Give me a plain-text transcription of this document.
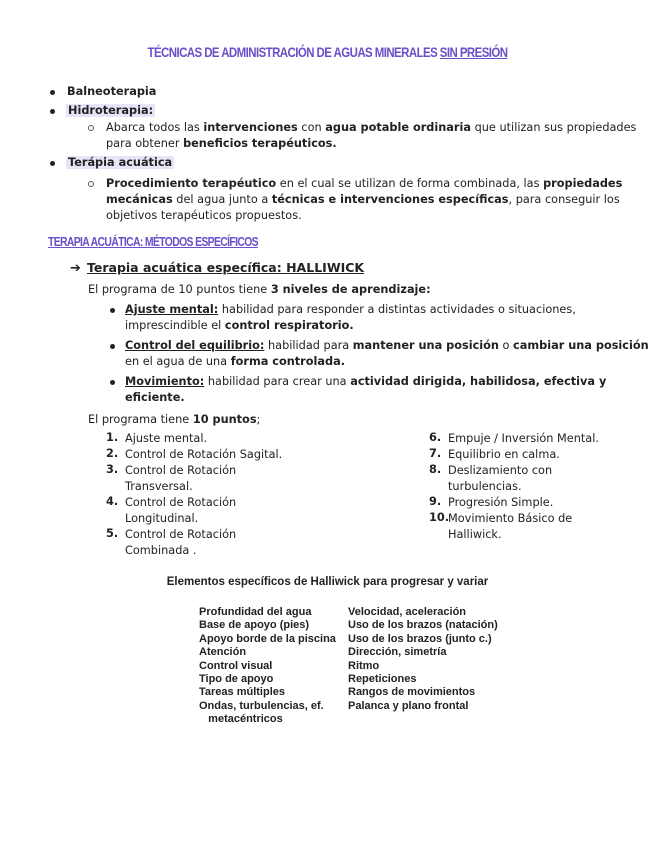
TÉCNICAS DE ADMINISTRACIÓN DE AGUAS MINERALES SIN PRESIÓN
Balneoterapia
Hidroterapia:
Abarca todos las intervenciones con agua potable ordinaria que utilizan sus propiedades
para obtener beneficios terapéuticos.
Terápia acuática
Procedimiento terapéutico en el cual se utilizan de forma combinada, las propiedades
mecánicas del agua junto a técnicas e intervenciones específicas, para conseguir los
objetivos terapéuticos propuestos.
TERAPIA ACUÁTICA: MÉTODOS ESPECÍFICOS
➔ Terapia acuática específica: HALLIWICK
El programa de 10 puntos tiene 3 niveles de aprendizaje:
Ajuste mental: habilidad para responder a distintas actividades o situaciones,
imprescindible el control respiratorio.
Control del equilibrio: habilidad para mantener una posición o cambiar una posición
en el agua de una forma controlada.
Movimiento: habilidad para crear una actividad dirigida, habilidosa, efectiva y
eficiente.
El programa tiene 10 puntos;
1. Ajuste mental.
2. Control de Rotación Sagital.
3. Control de Rotación
Transversal.
4. Control de Rotación
Longitudinal.
5. Control de Rotación
Combinada .
6. Empuje / Inversión Mental.
7. Equilibrio en calma.
8. Deslizamiento con
turbulencias.
9. Progresión Simple.
10.
Movimiento Básico de
Halliwick.
Elementos específicos de Halliwick para progresar y variar
Profundidad del agua
Base de apoyo (pies)
Apoyo borde de la piscina
Atención
Control visual
Tipo de apoyo
Tareas múltiples
Ondas, turbulencias, ef.
metacéntricos
Velocidad, aceleración
Uso de los brazos (natación)
Uso de los brazos (junto c.)
Dirección, simetría
Ritmo
Repeticiones
Rangos de movimientos
Palanca y plano frontal
